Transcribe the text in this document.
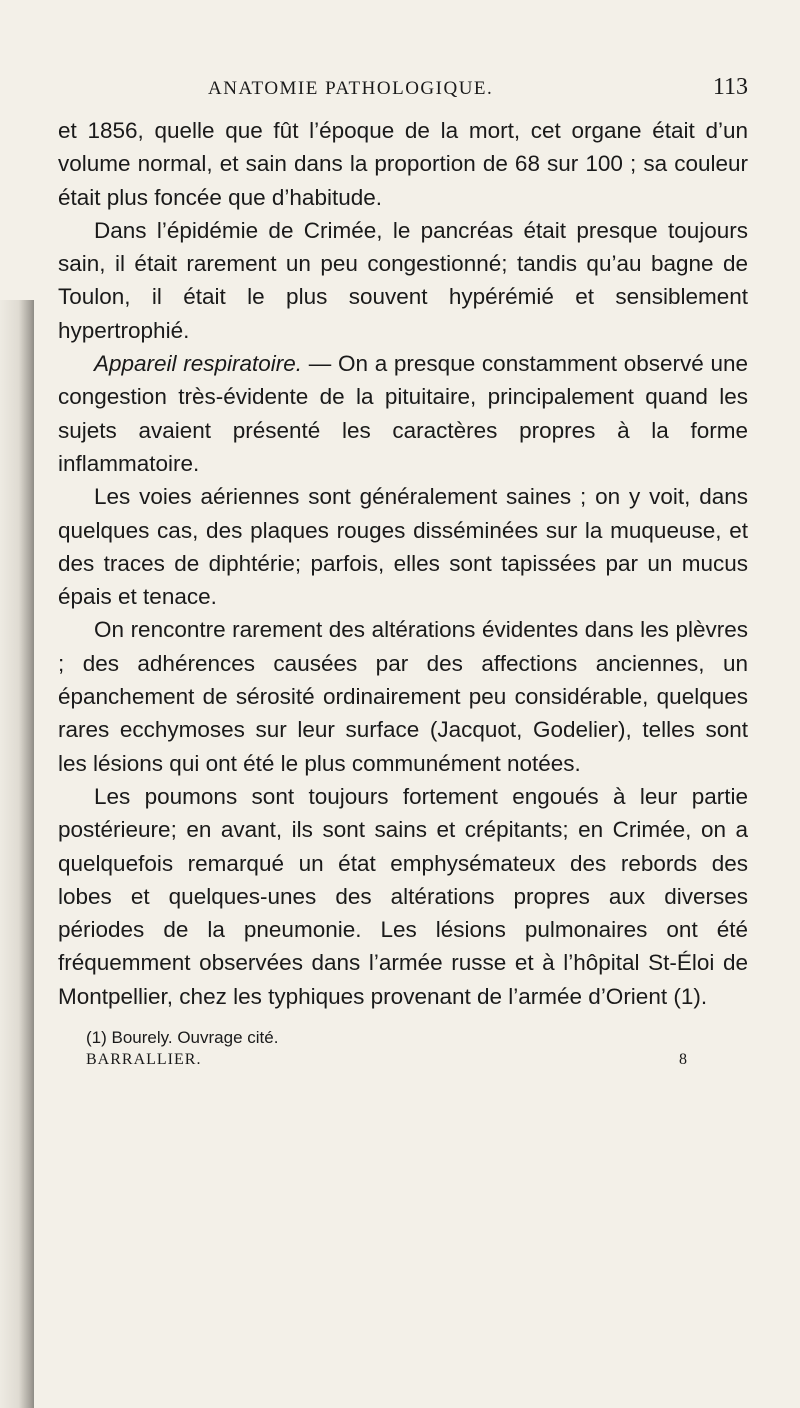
ANATOMIE PATHOLOGIQUE.	113

et 1856, quelle que fût l’époque de la mort, cet organe était d’un volume normal, et sain dans la proportion de 68 sur 100 ; sa couleur était plus foncée que d’habitude.

Dans l’épidémie de Crimée, le pancréas était presque toujours sain, il était rarement un peu congestionné; tandis qu’au bagne de Toulon, il était le plus souvent hypérémié et sensiblement hypertrophié.

Appareil respiratoire. — On a presque constamment observé une congestion très-évidente de la pituitaire, principalement quand les sujets avaient présenté les caractères propres à la forme inflammatoire.

Les voies aériennes sont généralement saines ; on y voit, dans quelques cas, des plaques rouges disséminées sur la muqueuse, et des traces de diphtérie; parfois, elles sont tapissées par un mucus épais et tenace.

On rencontre rarement des altérations évidentes dans les plèvres ; des adhérences causées par des affections anciennes, un épanchement de sérosité ordinairement peu considérable, quelques rares ecchymoses sur leur surface (Jacquot, Godelier), telles sont les lésions qui ont été le plus communément notées.

Les poumons sont toujours fortement engoués à leur partie postérieure; en avant, ils sont sains et crépitants; en Crimée, on a quelquefois remarqué un état emphysémateux des rebords des lobes et quelques-unes des altérations propres aux diverses périodes de la pneumonie. Les lésions pulmonaires ont été fréquemment observées dans l’armée russe et à l’hôpital St-Éloi de Montpellier, chez les typhiques provenant de l’armée d’Orient (1).

(1) Bourely. Ouvrage cité.
BARRALLIER.	8
